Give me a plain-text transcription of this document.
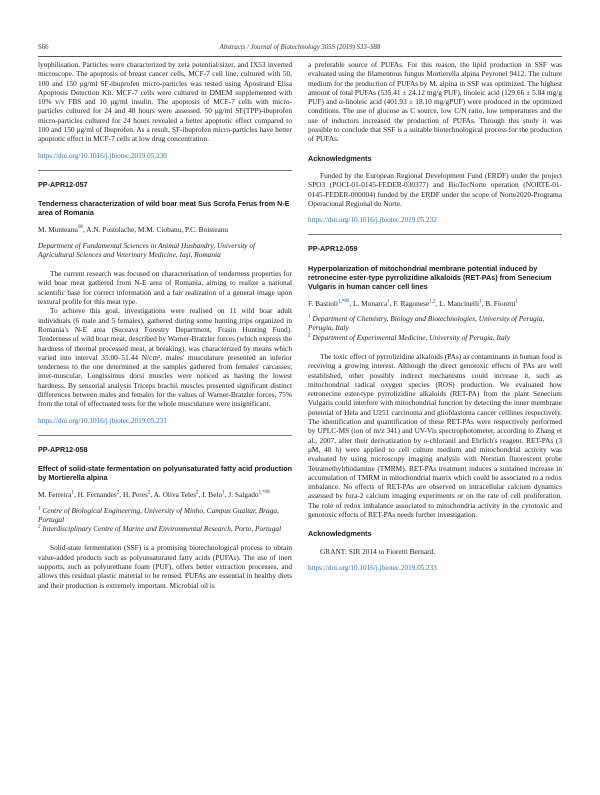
S66	Abstracts / Journal of Biotechnology 305S (2019) S33–S88

lyophilisation. Particles were characterized by zeta potential/sizer, and IX53 inverted microscope. The apoptosis of breast cancer cells, MCF-7 cell line, cultured with 50, 100 and 150 μg/ml SF-ibuprofen micro-particles was tested using Apostrand Elisa Apoptosis Detection Kit. MCF-7 cells were cultured in DMEM supplemented with 10% v/v FBS and 10 μg/ml insulin. The apoptosis of MCF-7 cells with micro-particles cultured for 24 and 48 hours were assessed. 50 μg/ml SF(TPP)-ibuprofen micro-particles cultured for 24 hours revealed a better apoptotic effect compared to 100 and 150 μg/ml of Ibuprofen. As a result, SF-ibuprofen micro-particles have better apoptotic effect in MCF-7 cells at low drug concentration.

https://doi.org/10.1016/j.jbiotec.2019.05.230
PP-APR12-057
Tenderness characterization of wild boar meat Sus Scrofa Ferus from N-E area of Romania
M. Munteanu✉, A.N. Postolache, M.M. Ciobanu, P.C. Boisteanu
Department of Fundamental Sciences in Animal Husbandry, University of Agricultural Sciences and Veterinary Medicine, Iaşi, Romania

The current research was focused on characterisation of tenderness properties for wild boar meat gathered from N-E area of Romania, aiming to realize a national scientific base for correct information and a fair realization of a general image upon textural profile for this meat type.

To achieve this goal, investigations were realised on 11 wild boar adult individuals (6 male and 5 females), gathered during some hunting trips organized in Romania's N-E area (Suceava Forestry Department, Frasin Hunting Fund). Tenderness of wild boar meat, described by Warner-Bratzler forces (which express the hardness of thermal processed meat, at breaking), was characterized by means which varied into interval 35.00–51.44 N/cm², males' musculature presented an inferior tenderness to the one determined at the samples gathered from females' carcasses; inter-muscular, Longissimus dorsi muscles were noticed as having the lowest hardness. By sensorial analysis Triceps brachii muscles presented significant distinct differences between males and females for the values of Warner-Bratzler forces, 75% from the total of effectuated tests for the whole musculature were insignificant.

https://doi.org/10.1016/j.jbiotec.2019.05.231
PP-APR12-058
Effect of solid-state fermentation on polyunsaturated fatty acid production by Mortierella alpina
M. Ferreira$^1$, H. Fernandes$^2$, H. Peres$^2$, A. Oliva Teles$^2$, I. Belo$^1$, J. Salgado$^{1,*✉}$
$^1$ Centre of Biological Engineering, University of Minho, Campus Gualtar, Braga, Portugal
$^2$ Interdisciplinary Centre of Marine and Environmental Research, Porto, Portugal

Solid-state fermentation (SSF) is a promising biotechnological process to obtain value-added products such as polyunsaturated fatty acids (PUFAs). The use of inert supports, such as polyurethane foam (PUF), offers better extraction processes, and allows this residual plastic material to be reused. PUFAs are essential in healthy diets and their production is extremely important. Microbial oil is

a preferable source of PUFAs. For this reason, the lipid production in SSF was evaluated using the filamentous fungus Mortierella alpina Peyronel 9412. The culture medium for the production of PUFAs by M. alpina in SSF was optimized. The highest amount of total PUFAs (535.41 ± 24.12 mg/g PUF), linoleic acid (129.66 ± 5.84 mg/g PUF) and α-linoleic acid (401.93 ± 18.10 mg/gPUF) were produced in the optimized conditions. The use of glucose as C source, low C/N ratio, low temperatures and the use of inductors increased the production of PUFAs. Through this study it was possible to conclude that SSF is a suitable biotechnological process for the production of PUFAs.

Acknowledgments

Funded by the European Regional Development Fund (ERDF) under the project SPO3 (POCI-01-0145-FEDER-030377) and BioTecNorte operation (NORTE-01-0145-FEDER-000004) funded by the ERDF under the scope of Norte2020-Programa Operacional Regional do Norte.

https://doi.org/10.1016/j.jbiotec.2019.05.232
PP-APR12-059
Hyperpolarization of mitochondrial membrane potential induced by retronecine ester-type pyrrolizidine alkaloids (RET-PAs) from Senecium Vulgaris in human cancer cell lines
F. Bastioli$^{1,*✉}$, L. Monarca$^1$, F. Ragonese$^{1,2}$, L. Mancinelli$^1$, B. Fioretti$^1$
$^1$ Department of Chemistry, Biology and Biotechnologies, University of Perugia, Perugia, Italy
$^2$ Department of Experimental Medicine, University of Perugia, Italy

The toxic effect of pyrrolizidine alkaloids (PAs) as contaminants in human food is receiving a growing interest. Although the direct genotoxic effects of PAs are well established, other possibly indirect mechanisms could increase it, such as mitochondrial radical oxygen species (ROS) production. We evaluated how retronecine ester-type pyrrolizidine alkaloids (RET-PA) from the plant Senecium Vulgaris could interfere with mitochondrial function by detecting the inner membrane potential of Hela and U251 carcinoma and glioblastoma cancer celllines respectively. The identification and quantification of these RET-PAs were respectively performed by UPLC-MS (ion of m/z 341) and UV-Vis spectrophotometer, according to Zhang et al., 2007, after their derivatization by o-chloranil and Ehrlich's reagent. RET-PAs (3 μM, 48 h) were applied to cell culture medium and mitochondrial activity was evaluated by using microscopy imaging analysis with Nerstian fluorescent probe Tetramethylrhodamine (TMRM). RET-PAs treatment induces a sustained increase in accumulation of TMRM in mitochondrial matrix which could be associated to a redox imbalance. No effects of RET-PAs are observed on intracellular calcium dynamics assessed by fura-2 calcium imaging experiments or on the rate of cell proliferation. The role of redox imbalance associated to mitochondria activity in the cytotoxic and genotoxic effects of RET-PAs needs further investigation.

Acknowledgments

GRANT: SIR 2014 to Fioretti Bernard.

https://doi.org/10.1016/j.jbiotec.2019.05.233
